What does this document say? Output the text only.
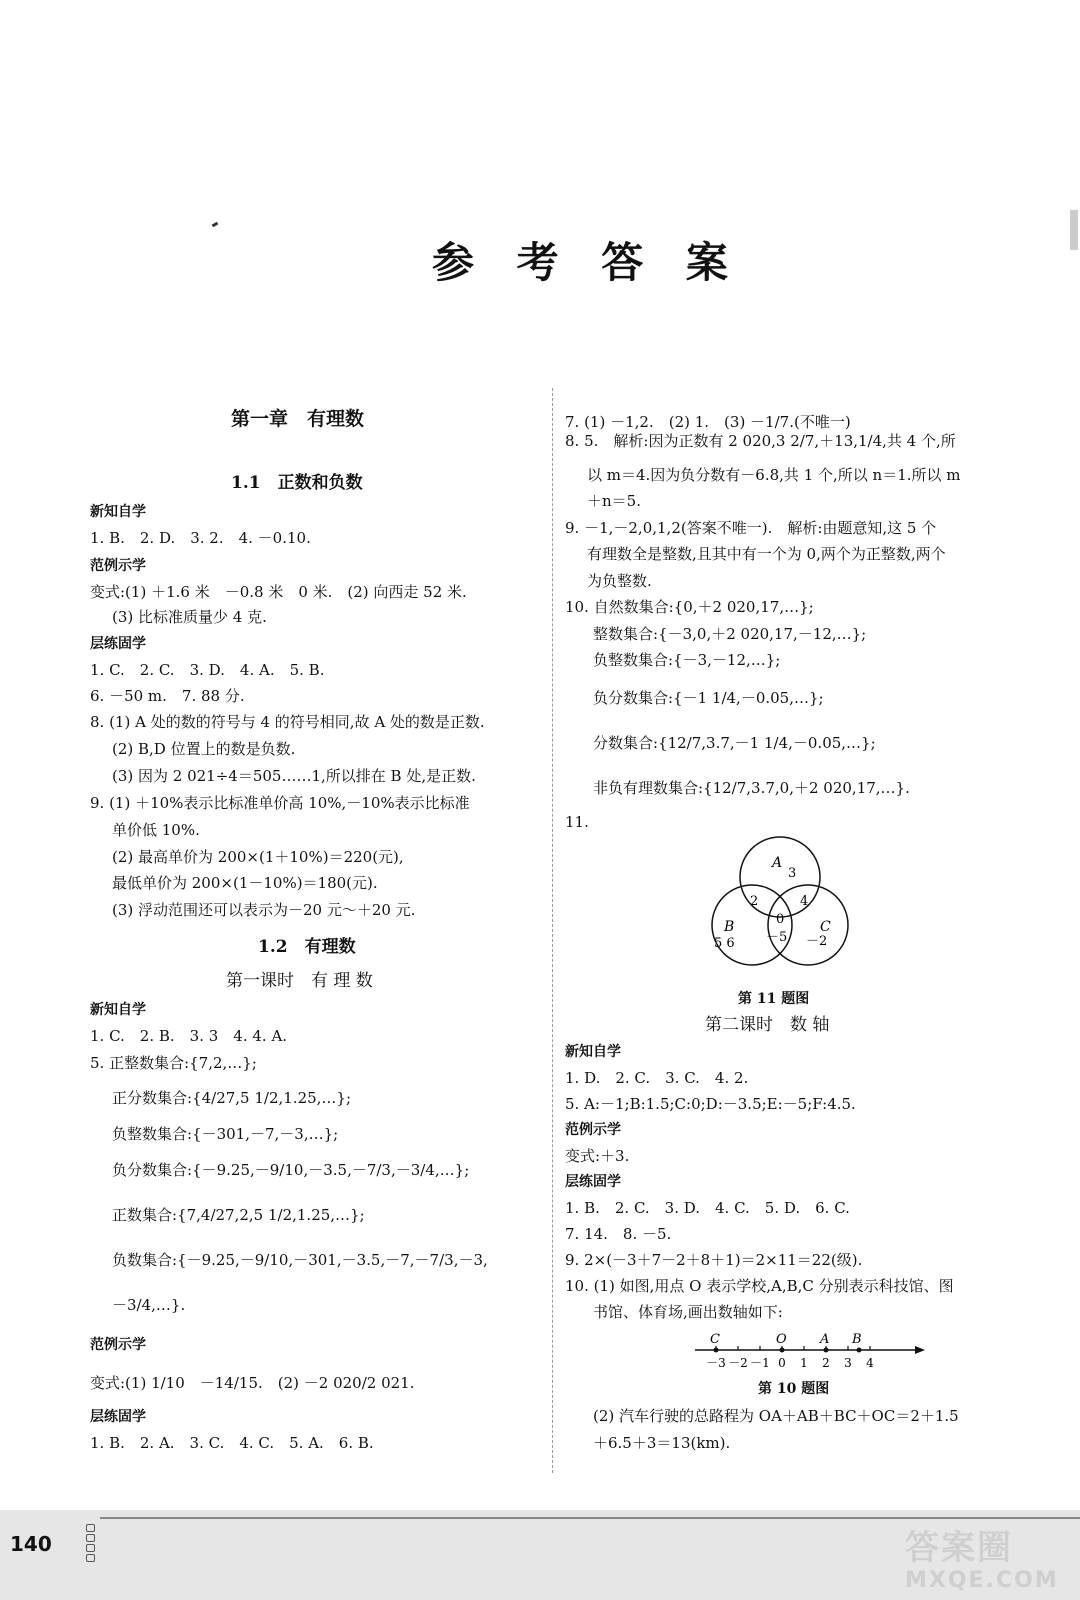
参 考 答 案
第一章　有理数
1.1　正数和负数
新知自学
1. B.　2. D.　3. 2.　4. －0.10.
范例示学
变式:(1) ＋1.6 米　－0.8 米　0 米.　(2) 向西走 52 米.
(3) 比标准质量少 4 克.
层练固学
1. C.　2. C.　3. D.　4. A.　5. B.
6. －50 m.　7. 88 分.
8. (1) A 处的数的符号与 4 的符号相同,故 A 处的数是正数.
(2) B,D 位置上的数是负数.
(3) 因为 2 021÷4＝505……1,所以排在 B 处,是正数.
9. (1) ＋10%表示比标准单价高 10%,－10%表示比标准
单价低 10%.
(2) 最高单价为 200×(1＋10%)＝220(元),
最低单价为 200×(1－10%)＝180(元).
(3) 浮动范围还可以表示为－20 元～＋20 元.
1.2　有理数
第一课时　有 理 数
新知自学
1. C.　2. B.　3. 3　4. 4. A.
5. 正整数集合:{7,2,…};
正分数集合:{4/27,5 1/2,1.25,…};
负整数集合:{－301,－7,－3,…};
负分数集合:{－9.25,－9/10,－3.5,－7/3,－3/4,…};
正数集合:{7,4/27,2,5 1/2,1.25,…};
负数集合:{－9.25,－9/10,－301,－3.5,－7,－7/3,－3,
－3/4,…}.
范例示学
变式:(1) 1/10　－14/15.　(2) －2 020/2 021.
层练固学
1. B.　2. A.　3. C.　4. C.　5. A.　6. B.
7. (1) －1,2.　(2) 1.　(3) －1/7.(不唯一)
8. 5.　解析:因为正数有 2 020,3 2/7,＋13,1/4,共 4 个,所
以 m＝4.因为负分数有－6.8,共 1 个,所以 n＝1.所以 m
＋n＝5.
9. －1,－2,0,1,2(答案不唯一).　解析:由题意知,这 5 个
有理数全是整数,且其中有一个为 0,两个为正整数,两个
为负整数.
10. 自然数集合:{0,＋2 020,17,…};
整数集合:{－3,0,＋2 020,17,－12,…};
负整数集合:{－3,－12,…};
负分数集合:{－1 1/4,－0.05,…};
分数集合:{12/7,3.7,－1 1/4,－0.05,…};
非负有理数集合:{12/7,3.7,0,＋2 020,17,…}.
11.
A
3
2	4
0
B
5 6 －5
C
－2
第 11 题图
第二课时　数 轴
新知自学
1. D.　2. C.　3. C.　4. 2.
5. A:－1;B:1.5;C:0;D:－3.5;E:－5;F:4.5.
范例示学
变式:＋3.
层练固学
1. B.　2. C.　3. D.　4. C.　5. D.　6. C.
7. 14.　8. －5.
9. 2×(－3＋7－2＋8＋1)＝2×11＝22(级).
10. (1) 如图,用点 O 表示学校,A,B,C 分别表示科技馆、图
书馆、体育场,画出数轴如下:
－3 －2 －1 0 1 2 3 4
C	O	A B
第 10 题图
(2) 汽车行驶的总路程为 OA＋AB＋BC＋OC＝2＋1.5
＋6.5＋3＝13(km).
140	答案圈
MXQE.COM
